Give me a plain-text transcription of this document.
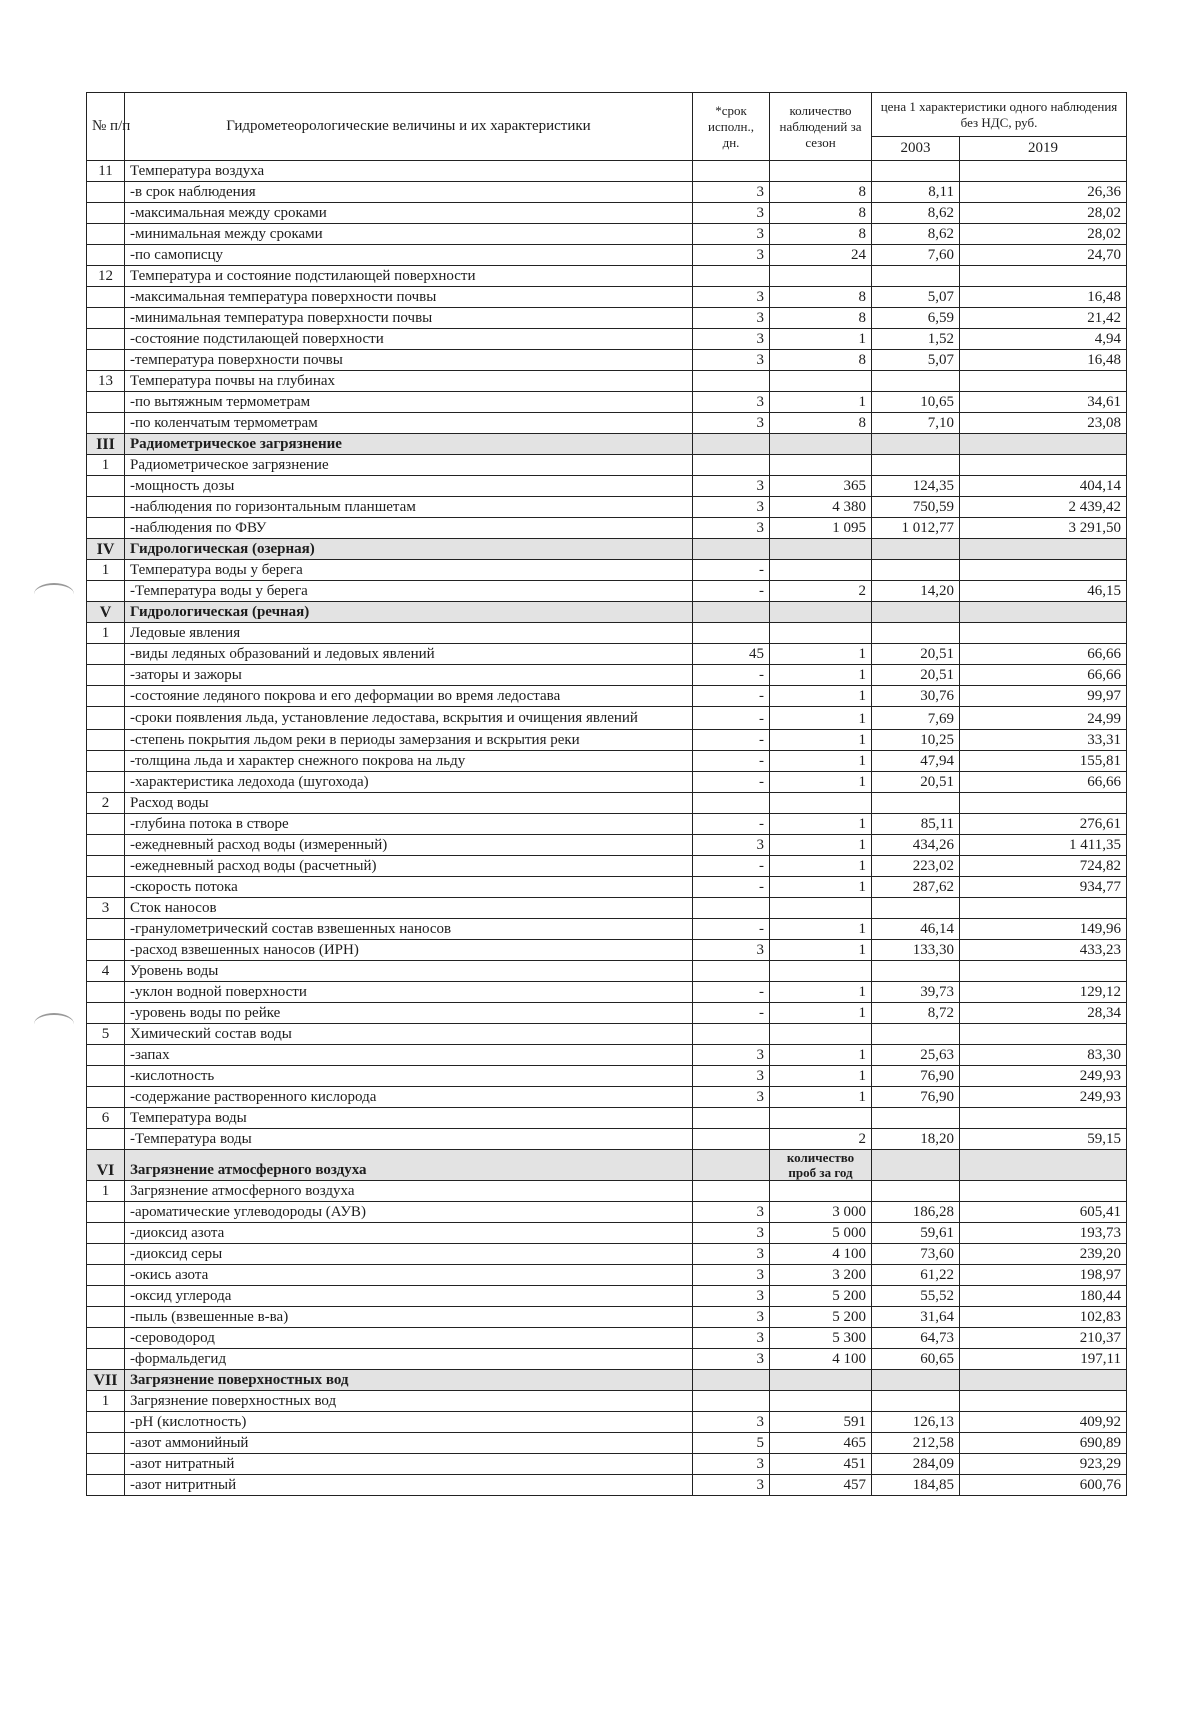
№ п/п	Гидрометеорологические величины и их характеристики	*срок исполн., дн.	количество наблюдений за сезон	цена 1 характеристики одного наблюдения без НДС, руб.	
				2003	2019
11	Температура воздуха				
	-в срок наблюдения	3	8	8,11	26,36
	-максимальная между сроками	3	8	8,62	28,02
	-минимальная между сроками	3	8	8,62	28,02
	-по самописцу	3	24	7,60	24,70
12	Температура и состояние подстилающей поверхности				
	-максимальная температура поверхности почвы	3	8	5,07	16,48
	-минимальная температура поверхности почвы	3	8	6,59	21,42
	-состояние подстилающей поверхности	3	1	1,52	4,94
	-температура поверхности почвы	3	8	5,07	16,48
13	Температура почвы на глубинах				
	-по вытяжным термометрам	3	1	10,65	34,61
	-по коленчатым термометрам	3	8	7,10	23,08
III	Радиометрическое загрязнение				
1	Радиометрическое загрязнение				
	-мощность дозы	3	365	124,35	404,14
	-наблюдения по горизонтальным планшетам	3	4 380	750,59	2 439,42
	-наблюдения по ФВУ	3	1 095	1 012,77	3 291,50
IV	Гидрологическая (озерная)				
1	Температура воды у берега	-			
	-Температура воды у берега	-	2	14,20	46,15
V	Гидрологическая (речная)				
1	Ледовые явления				
	-виды ледяных образований и ледовых явлений	45	1	20,51	66,66
	-заторы и зажоры	-	1	20,51	66,66
	-состояние ледяного покрова и его деформации во время ледостава	-	1	30,76	99,97
	-сроки появления льда, установление ледостава, вскрытия и очищения явлений	-	1	7,69	24,99
	-степень покрытия льдом реки в периоды замерзания и вскрытия реки	-	1	10,25	33,31
	-толщина льда и характер снежного покрова на льду	-	1	47,94	155,81
	-характеристика ледохода (шугохода)	-	1	20,51	66,66
2	Расход воды				
	-глубина потока в створе	-	1	85,11	276,61
	-ежедневный расход воды (измеренный)	3	1	434,26	1 411,35
	-ежедневный расход воды (расчетный)	-	1	223,02	724,82
	-скорость потока	-	1	287,62	934,77
3	Сток наносов				
	-гранулометрический состав взвешенных наносов	-	1	46,14	149,96
	-расход взвешенных наносов (ИРН)	3	1	133,30	433,23
4	Уровень воды				
	-уклон водной поверхности	-	1	39,73	129,12
	-уровень воды по рейке	-	1	8,72	28,34
5	Химический состав воды				
	-запах	3	1	25,63	83,30
	-кислотность	3	1	76,90	249,93
	-содержание растворенного кислорода	3	1	76,90	249,93
6	Температура воды				
	-Температура воды		2	18,20	59,15
VI	Загрязнение атмосферного воздуха		количество проб за год		
1	Загрязнение атмосферного воздуха				
	-ароматические углеводороды (АУВ)	3	3 000	186,28	605,41
	-диоксид азота	3	5 000	59,61	193,73
	-диоксид серы	3	4 100	73,60	239,20
	-окись азота	3	3 200	61,22	198,97
	-оксид углерода	3	5 200	55,52	180,44
	-пыль (взвешенные в-ва)	3	5 200	31,64	102,83
	-сероводород	3	5 300	64,73	210,37
	-формальдегид	3	4 100	60,65	197,11
VII	Загрязнение поверхностных вод				
1	Загрязнение поверхностных вод				
	-pH (кислотность)	3	591	126,13	409,92
	-азот аммонийный	5	465	212,58	690,89
	-азот нитратный	3	451	284,09	923,29
	-азот нитритный	3	457	184,85	600,76
